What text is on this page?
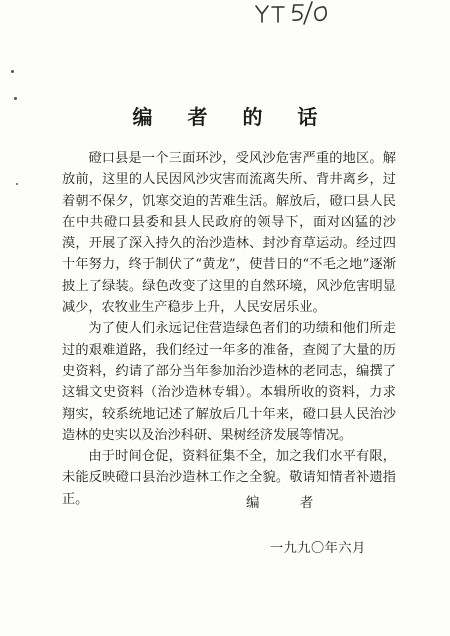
编 者 的 话

磴口县是一个三面环沙，受风沙危害严重的地区。解放前，这里的人民因风沙灾害而流离失所、背井离乡，过着朝不保夕，饥寒交迫的苦难生活。解放后，磴口县人民在中共磴口县委和县人民政府的领导下，面对凶猛的沙漠，开展了深入持久的治沙造林、封沙育草运动。经过四十年努力，终于制伏了“黄龙”，使昔日的“不毛之地”逐渐披上了绿装。绿色改变了这里的自然环境，风沙危害明显减少，农牧业生产稳步上升，人民安居乐业。

为了使人们永远记住营造绿色者们的功绩和他们所走过的艰难道路，我们经过一年多的准备，查阅了大量的历史资料，约请了部分当年参加治沙造林的老同志，编撰了这辑文史资料（治沙造林专辑）。本辑所收的资料，力求翔实，较系统地记述了解放后几十年来，磴口县人民治沙造林的史实以及治沙科研、果树经济发展等情况。

由于时间仓促，资料征集不全，加之我们水平有限，未能反映磴口县治沙造林工作之全貌。敬请知情者补遗指正。	编 者
一九九〇年六月
